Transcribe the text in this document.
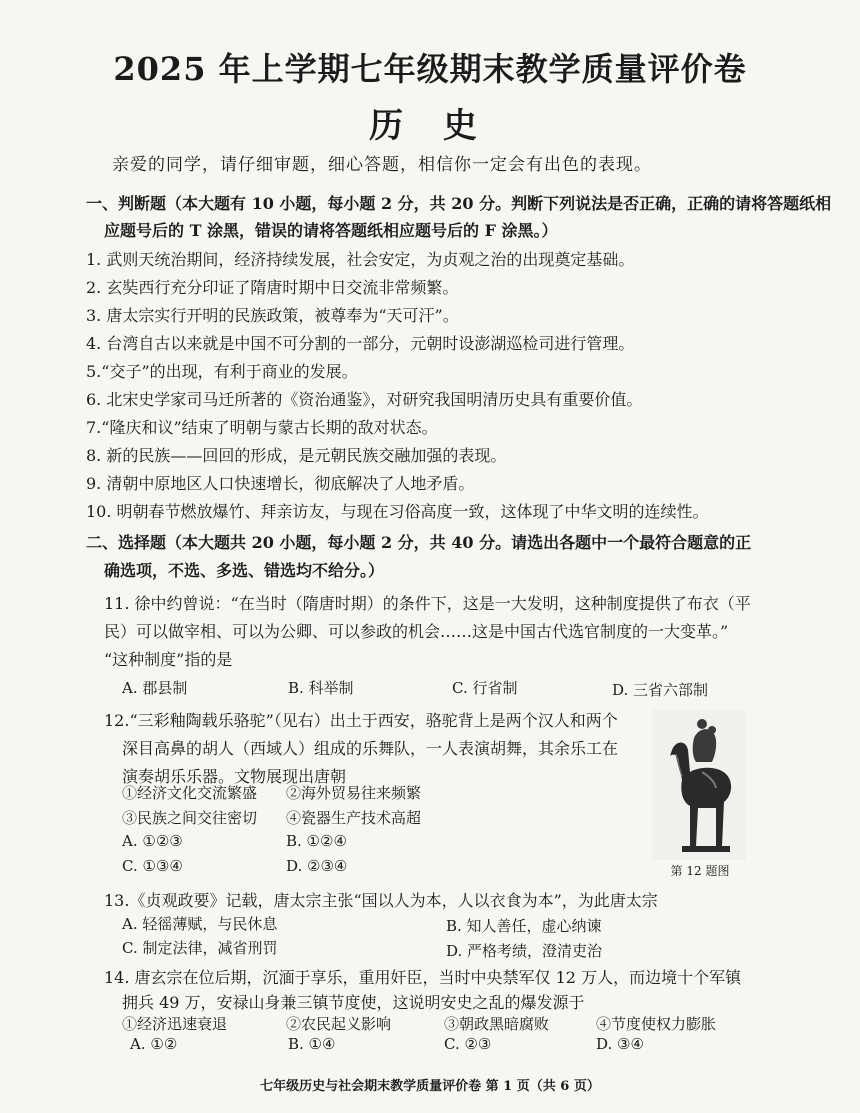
2025 年上学期七年级期末教学质量评价卷
历 史
亲爱的同学，请仔细审题，细心答题，相信你一定会有出色的表现。
一、判断题（本大题有 10 小题，每小题 2 分，共 20 分。判断下列说法是否正确，正确的请将答题纸相
应题号后的 T 涂黑，错误的请将答题纸相应题号后的 F 涂黑。）
1. 武则天统治期间，经济持续发展，社会安定，为贞观之治的出现奠定基础。
2. 玄奘西行充分印证了隋唐时期中日交流非常频繁。
3. 唐太宗实行开明的民族政策，被尊奉为“天可汗”。
4. 台湾自古以来就是中国不可分割的一部分，元朝时设澎湖巡检司进行管理。
5.“交子”的出现，有利于商业的发展。
6. 北宋史学家司马迁所著的《资治通鉴》，对研究我国明清历史具有重要价值。
7.“隆庆和议”结束了明朝与蒙古长期的敌对状态。
8. 新的民族——回回的形成，是元朝民族交融加强的表现。
9. 清朝中原地区人口快速增长，彻底解决了人地矛盾。
10. 明朝春节燃放爆竹、拜亲访友，与现在习俗高度一致，这体现了中华文明的连续性。
二、选择题（本大题共 20 小题，每小题 2 分，共 40 分。请选出各题中一个最符合题意的正
确选项，不选、多选、错选均不给分。）
11. 徐中约曾说：“在当时（隋唐时期）的条件下，这是一大发明，这种制度提供了布衣（平
民）可以做宰相、可以为公卿、可以参政的机会……这是中国古代选官制度的一大变革。”
“这种制度”指的是
A. 郡县制	B. 科举制	C. 行省制	D. 三省六部制
12.“三彩釉陶载乐骆驼”（见右）出土于西安，骆驼背上是两个汉人和两个
深目高鼻的胡人（西域人）组成的乐舞队，一人表演胡舞，其余乐工在
演奏胡乐乐器。文物展现出唐朝
①经济文化交流繁盛 ②海外贸易往来频繁
③民族之间交往密切 ④瓷器生产技术高超
A. ①②③	B. ①②④
C. ①③④	D. ②③④	第 12 题图
13.《贞观政要》记载，唐太宗主张“国以人为本，人以衣食为本”，为此唐太宗
A. 轻徭薄赋，与民休息	B. 知人善任，虚心纳谏
C. 制定法律，减省刑罚	D. 严格考绩，澄清吏治
14. 唐玄宗在位后期，沉湎于享乐，重用奸臣，当时中央禁军仅 12 万人，而边境十个军镇
拥兵 49 万，安禄山身兼三镇节度使，这说明安史之乱的爆发源于
①经济迅速衰退	②农民起义影响	③朝政黑暗腐败	④节度使权力膨胀
A. ①②	B. ①④	C. ②③	D. ③④
七年级历史与社会期末教学质量评价卷 第 1 页（共 6 页）
